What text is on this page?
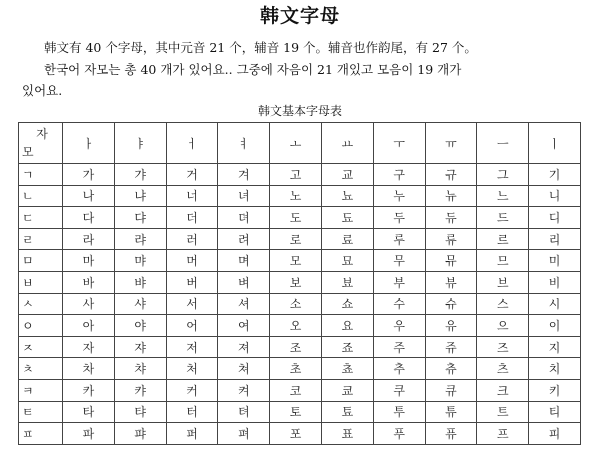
韩文字母
韩文有 40 个字母，其中元音 21 个，辅音 19 个。辅音也作韵尾，有 27 个。
한국어 자모는 총 40 개가 있어요.. 그중에 자음이 21 개있고 모음이 19 개가
있어요.
韩文基本字母表
자
모	ㅏ	ㅑ	ㅓ	ㅕ	ㅗ	ㅛ	ㅜ	ㅠ	ㅡ	ㅣ
ㄱ	가	갸	거	겨	고	교	구	규	그	기
ㄴ	나	냐	너	녀	노	뇨	누	뉴	느	니
ㄷ	다	댜	더	뎌	도	됴	두	듀	드	디
ㄹ	라	랴	러	려	로	료	루	류	르	리
ㅁ	마	먀	머	며	모	묘	무	뮤	므	미
ㅂ	바	뱌	버	벼	보	뵤	부	뷰	브	비
ㅅ	사	샤	서	셔	소	쇼	수	슈	스	시
ㅇ	아	야	어	여	오	요	우	유	으	이
ㅈ	자	쟈	저	져	조	죠	주	쥬	즈	지
ㅊ	차	챠	처	쳐	초	쵸	추	츄	츠	치
ㅋ	카	캬	커	켜	코	쿄	쿠	큐	크	키
ㅌ	타	탸	터	텨	토	툐	투	튜	트	티
ㅍ	파	퍄	퍼	펴	포	표	푸	퓨	프	피
